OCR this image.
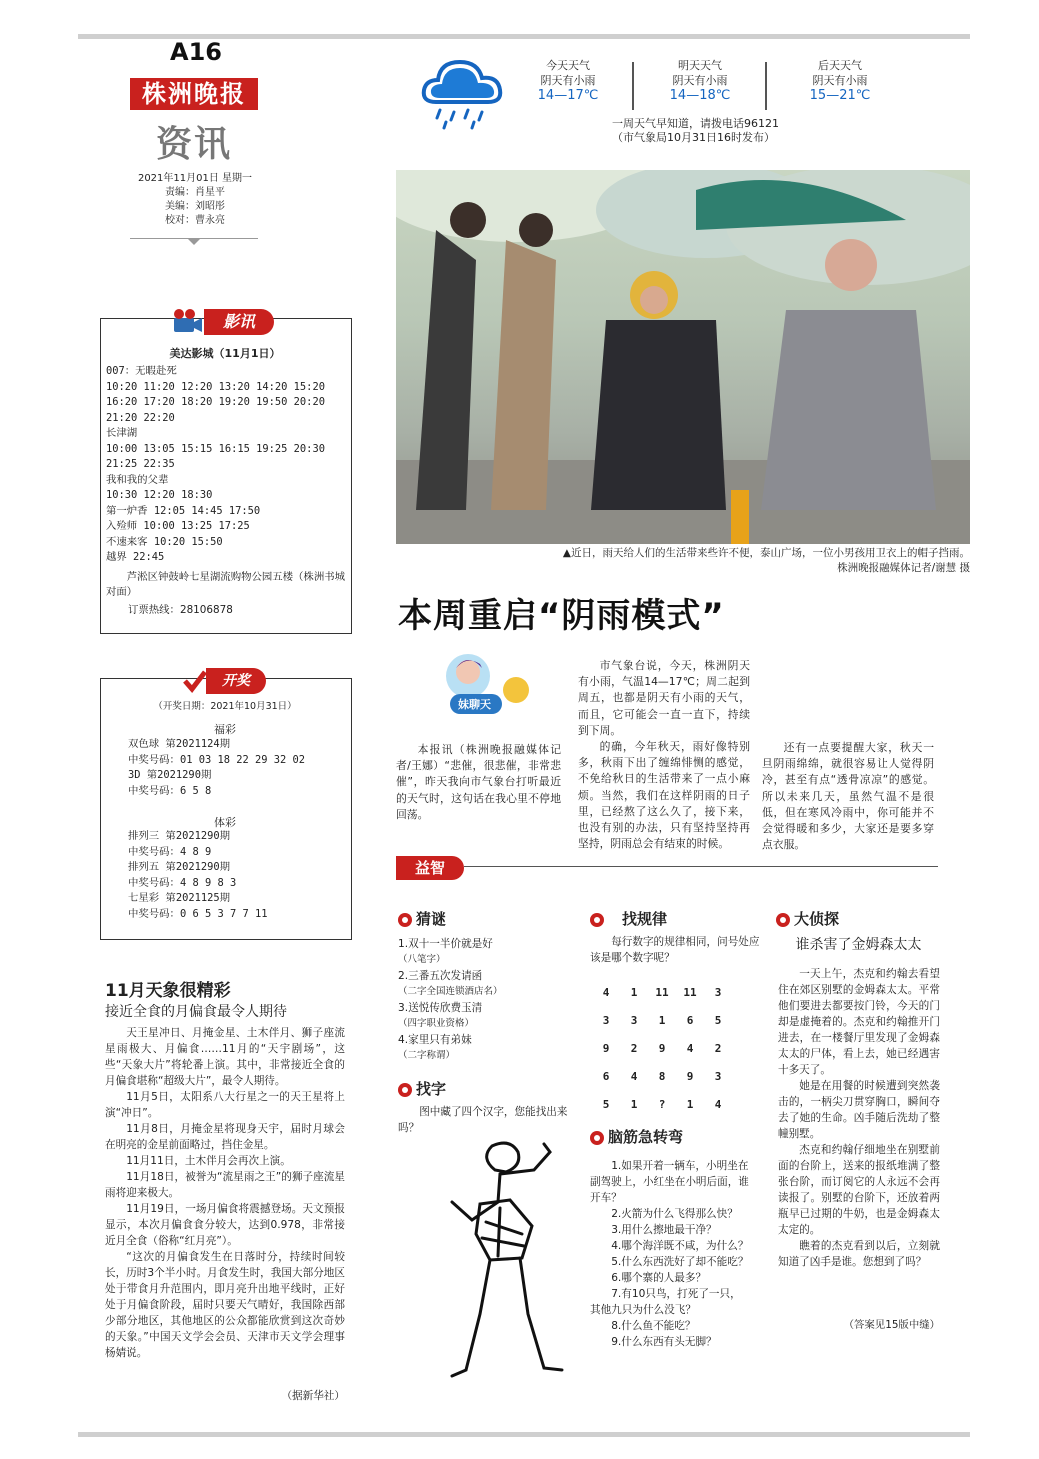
A16
株洲晚报
资讯
2021年11月01日 星期一
责编：肖星平
美编：刘昭彤
校对：曹永亮
今天天气
阴天有小雨
14—17℃
明天天气
阴天有小雨
14—18℃
后天天气
阴天有小雨
15—21℃
一周天气早知道，请拨电话96121
（市气象局10月31日16时发布）
▲近日，雨天给人们的生活带来些许不便，泰山广场，一位小男孩用卫衣上的帽子挡雨。
株洲晚报融媒体记者/谢慧 摄
本周重启“阴雨模式”
妹聊天

本报讯（株洲晚报融媒体记者/王娜）“悲催，很悲催，非常悲催”，昨天我向市气象台打听最近的天气时，这句话在我心里不停地回荡。

市气象台说，今天，株洲阴天有小雨，气温14—17℃；周二起到周五，也都是阴天有小雨的天气，而且，它可能会一直一直下，持续到下周。

的确，今年秋天，雨好像特别多，秋雨下出了缠绵悱恻的感觉，不免给秋日的生活带来了一点小麻烦。当然，我们在这样阴雨的日子里，已经熬了这么久了，接下来，也没有别的办法，只有坚持坚持再坚持，阴雨总会有结束的时候。

还有一点要提醒大家，秋天一旦阴雨绵绵，就很容易让人觉得阴冷，甚至有点“透骨凉凉”的感觉。所以未来几天，虽然气温不是很低，但在寒风冷雨中，你可能并不会觉得暖和多少，大家还是要多穿点衣服。

影讯
美达影城（11月1日）
007：无暇赴死
10:20 11:20 12:20 13:20 14:20 15:20
16:20 17:20 18:20 19:20 19:50 20:20
21:20 22:20
长津湖
10:00 13:05 15:15 16:15 19:25 20:30
21:25 22:35
我和我的父辈
10:30 12:20 18:30
第一炉香 12:05 14:45 17:50
入殓师 10:00 13:25 17:25
不速来客 10:20 15:50
越界 22:45
芦淞区钟鼓岭七星湖流购物公园五楼（株洲书城对面）
订票热线：28106878
开奖
（开奖日期：2021年10月31日）
福彩
双色球 第2021124期
中奖号码：01 03 18 22 29 32 02
3D 第2021290期
中奖号码：6 5 8
体彩
排列三 第2021290期
中奖号码：4 8 9
排列五 第2021290期
中奖号码：4 8 9 8 3
七星彩 第2021125期
中奖号码：0 6 5 3 7 7 11
11月天象很精彩
接近全食的月偏食最令人期待

天王星冲日、月掩金星、土木伴月、狮子座流星雨极大、月偏食……11月的“天宇剧场”，这些“天象大片”将轮番上演。其中，非常接近全食的月偏食堪称“超级大片”，最令人期待。

11月5日，太阳系八大行星之一的天王星将上演“冲日”。

11月8日，月掩金星将现身天宇，届时月球会在明亮的金星前面略过，挡住金星。

11月11日，土木伴月会再次上演。

11月18日，被誉为“流星雨之王”的狮子座流星雨将迎来极大。

11月19日，一场月偏食将震撼登场。天文预报显示，本次月偏食食分较大，达到0.978，非常接近月全食（俗称“红月亮”）。

“这次的月偏食发生在日落时分，持续时间较长，历时3个半小时。月食发生时，我国大部分地区处于带食月升范围内，即月亮升出地平线时，正好处于月偏食阶段，届时只要天气晴好，我国除西部少部分地区，其他地区的公众都能欣赏到这次奇妙的天象。”中国天文学会会员、天津市天文学会理事杨婧说。

（据新华社）
益智
猜谜
1.双十一半价就是好
（八笔字）
2.三番五次发请函
（二字全国连锁酒店名）
3.送悦传欣费玉清
（四字职业资格）
4.家里只有弟妹
（二字称谓）
找字
图中藏了四个汉字，您能找出来吗？
找规律
每行数字的规律相同，问号处应该是哪个数字呢？
4	1	11	11	3
3	3	1	6	5
9	2	9	4	2
6	4	8	9	3
5	1	?	1	4
脑筋急转弯
1.如果开着一辆车，小明坐在副驾驶上，小红坐在小明后面，谁开车？
2.火箭为什么飞得那么快？
3.用什么擦地最干净？
4.哪个海洋既不咸，为什么？
5.什么东西洗好了却不能吃？
6.哪个寨的人最多？
7.有10只鸟，打死了一只，其他九只为什么没飞？
8.什么鱼不能吃？
9.什么东西有头无脚？
大侦探
谁杀害了金姆森太太

一天上午，杰克和约翰去看望住在郊区别墅的金姆森太太。平常他们要进去都要按门铃，今天的门却是虚掩着的。杰克和约翰推开门进去，在一楼餐厅里发现了金姆森太太的尸体，看上去，她已经遇害十多天了。

她是在用餐的时候遭到突然袭击的，一柄尖刀贯穿胸口，瞬间夺去了她的生命。凶手随后洗劫了整幢别墅。

杰克和约翰仔细地坐在别墅前面的台阶上，送来的报纸堆满了整张台阶，而订阅它的人永远不会再读报了。别墅的台阶下，还放着两瓶早已过期的牛奶，也是金姆森太太定的。

瞧着的杰克看到以后，立刻就知道了凶手是谁。您想到了吗？

（答案见15版中缝）
